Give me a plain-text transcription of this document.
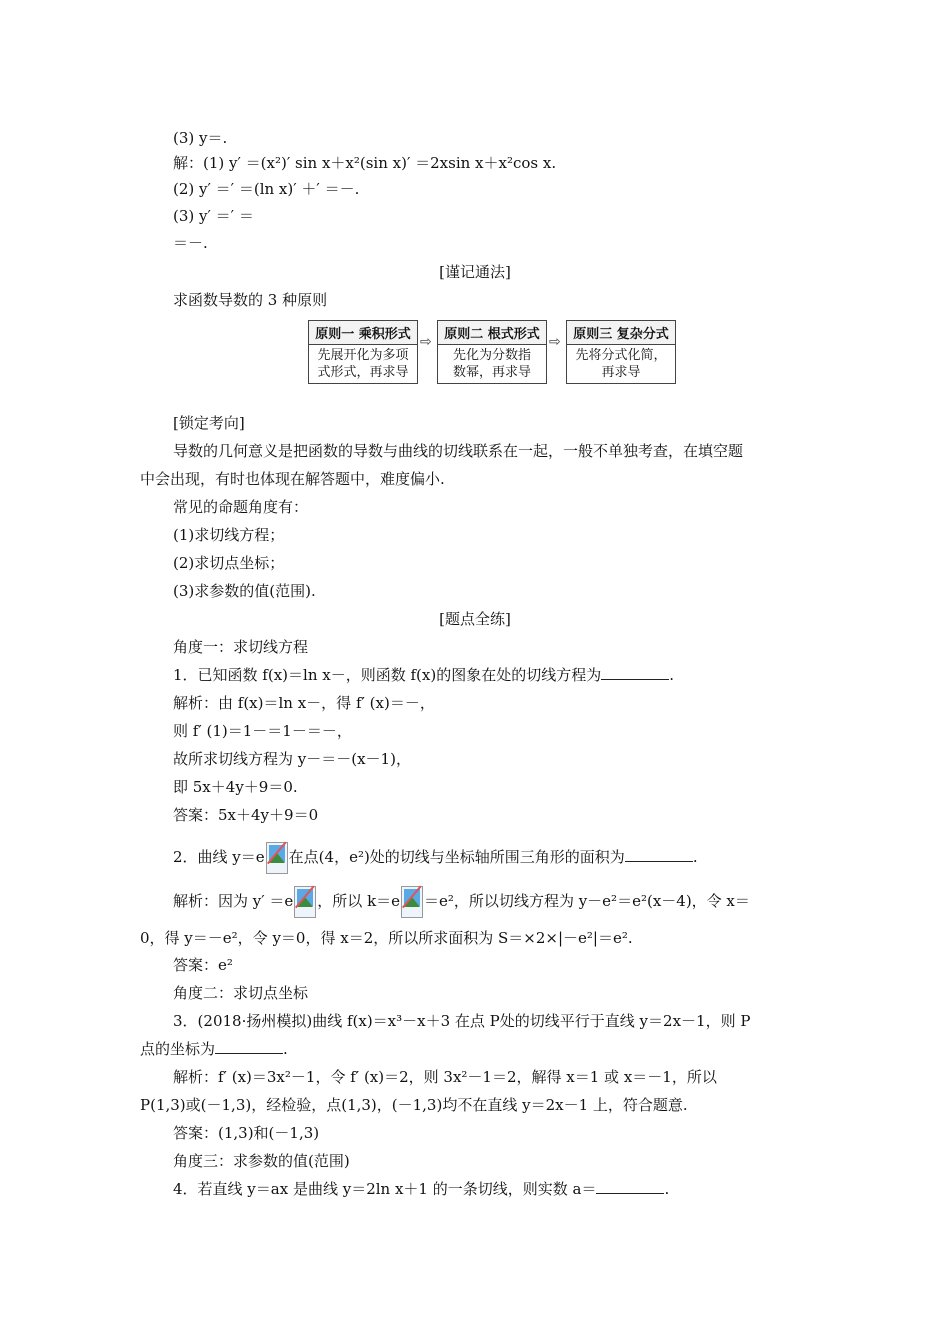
(3) y＝.
解：(1) y′ ＝(x²)′ sin x＋x²(sin x)′ ＝2xsin x＋x²cos x.
(2) y′ ＝′ ＝(ln x)′ ＋′ ＝－.
(3) y′ ＝′ ＝
＝－.
[谨记通法]
求函数导数的 3 种原则
原则一 乘积形式
先展开化为多项
式形式，再求导
⇨ 原则二 根式形式
先化为分数指
数幂，再求导
⇨ 原则三 复杂分式
先将分式化简，
再求导
[锁定考向]
导数的几何意义是把函数的导数与曲线的切线联系在一起，一般不单独考查，在填空题
中会出现，有时也体现在解答题中，难度偏小.
常见的命题角度有：
(1)求切线方程；
(2)求切点坐标；
(3)求参数的值(范围).
[题点全练]
角度一：求切线方程
1．已知函数 f(x)＝ln x－，则函数 f(x)的图象在处的切线方程为	.
解析：由 f(x)＝ln x－，得 f′ (x)＝－，
则 f′ (1)＝1－＝1－＝－，
故所求切线方程为 y－＝－(x－1)，
即 5x＋4y＋9＝0.
答案：5x＋4y＋9＝0
2．曲线 y＝e 在点(4，e²)处的切线与坐标轴所围三角形的面积为	.
解析：因为 y′ ＝e ，所以 k＝e ＝e²，所以切线方程为 y－e²＝e²(x－4)，令 x＝
0，得 y＝－e²，令 y＝0，得 x＝2，所以所求面积为 S＝×2×|－e²|＝e².
答案：e²
角度二：求切点坐标
3．(2018·扬州模拟)曲线 f(x)＝x³－x＋3 在点 P处的切线平行于直线 y＝2x－1，则 P
点的坐标为	.
解析：f′ (x)＝3x²－1，令 f′ (x)＝2，则 3x²－1＝2，解得 x＝1 或 x＝－1，所以
P(1,3)或(－1,3)，经检验，点(1,3)，(－1,3)均不在直线 y＝2x－1 上，符合题意.
答案：(1,3)和(－1,3)
角度三：求参数的值(范围)
4．若直线 y＝ax 是曲线 y＝2ln x＋1 的一条切线，则实数 a＝	.
